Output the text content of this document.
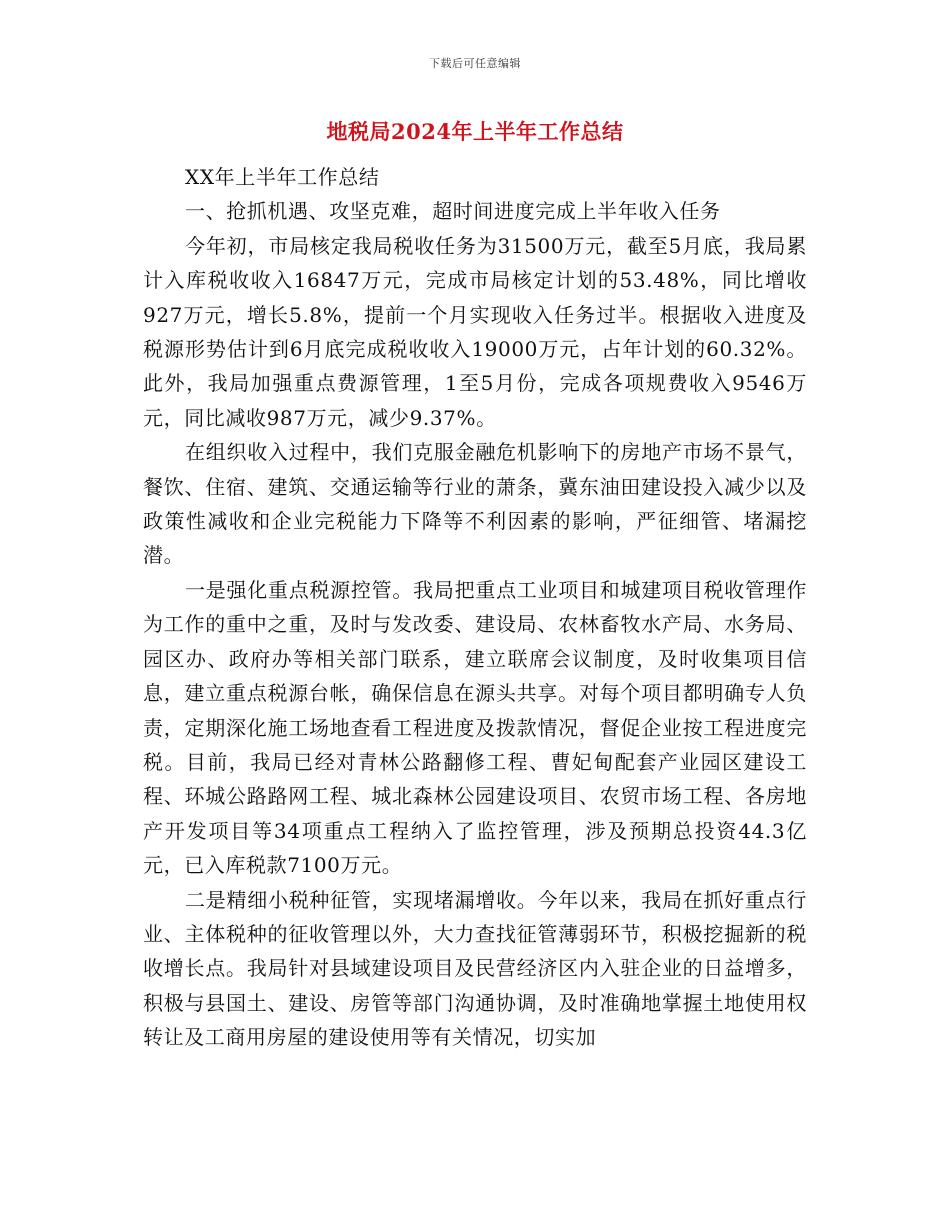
下载后可任意编辑
地税局2024年上半年工作总结

XX年上半年工作总结

一、抢抓机遇、攻坚克难，超时间进度完成上半年收入任务

今年初，市局核定我局税收任务为31500万元，截至5月底，我局累计入库税收收入16847万元，完成市局核定计划的53.48%，同比增收927万元，增长5.8%，提前一个月实现收入任务过半。根据收入进度及税源形势估计到6月底完成税收收入19000万元，占年计划的60.32%。此外，我局加强重点费源管理，1至5月份，完成各项规费收入9546万元，同比减收987万元，减少9.37%。

在组织收入过程中，我们克服金融危机影响下的房地产市场不景气，餐饮、住宿、建筑、交通运输等行业的萧条，冀东油田建设投入减少以及政策性减收和企业完税能力下降等不利因素的影响，严征细管、堵漏挖潜。

一是强化重点税源控管。我局把重点工业项目和城建项目税收管理作为工作的重中之重，及时与发改委、建设局、农林畜牧水产局、水务局、园区办、政府办等相关部门联系，建立联席会议制度，及时收集项目信息，建立重点税源台帐，确保信息在源头共享。对每个项目都明确专人负责，定期深化施工场地查看工程进度及拨款情况，督促企业按工程进度完税。目前，我局已经对青林公路翻修工程、曹妃甸配套产业园区建设工程、环城公路路网工程、城北森林公园建设项目、农贸市场工程、各房地产开发项目等34项重点工程纳入了监控管理，涉及预期总投资44.3亿元，已入库税款7100万元。

二是精细小税种征管，实现堵漏增收。今年以来，我局在抓好重点行业、主体税种的征收管理以外，大力查找征管薄弱环节，积极挖掘新的税收增长点。我局针对县域建设项目及民营经济区内入驻企业的日益增多，积极与县国土、建设、房管等部门沟通协调，及时准确地掌握土地使用权转让及工商用房屋的建设使用等有关情况，切实加
